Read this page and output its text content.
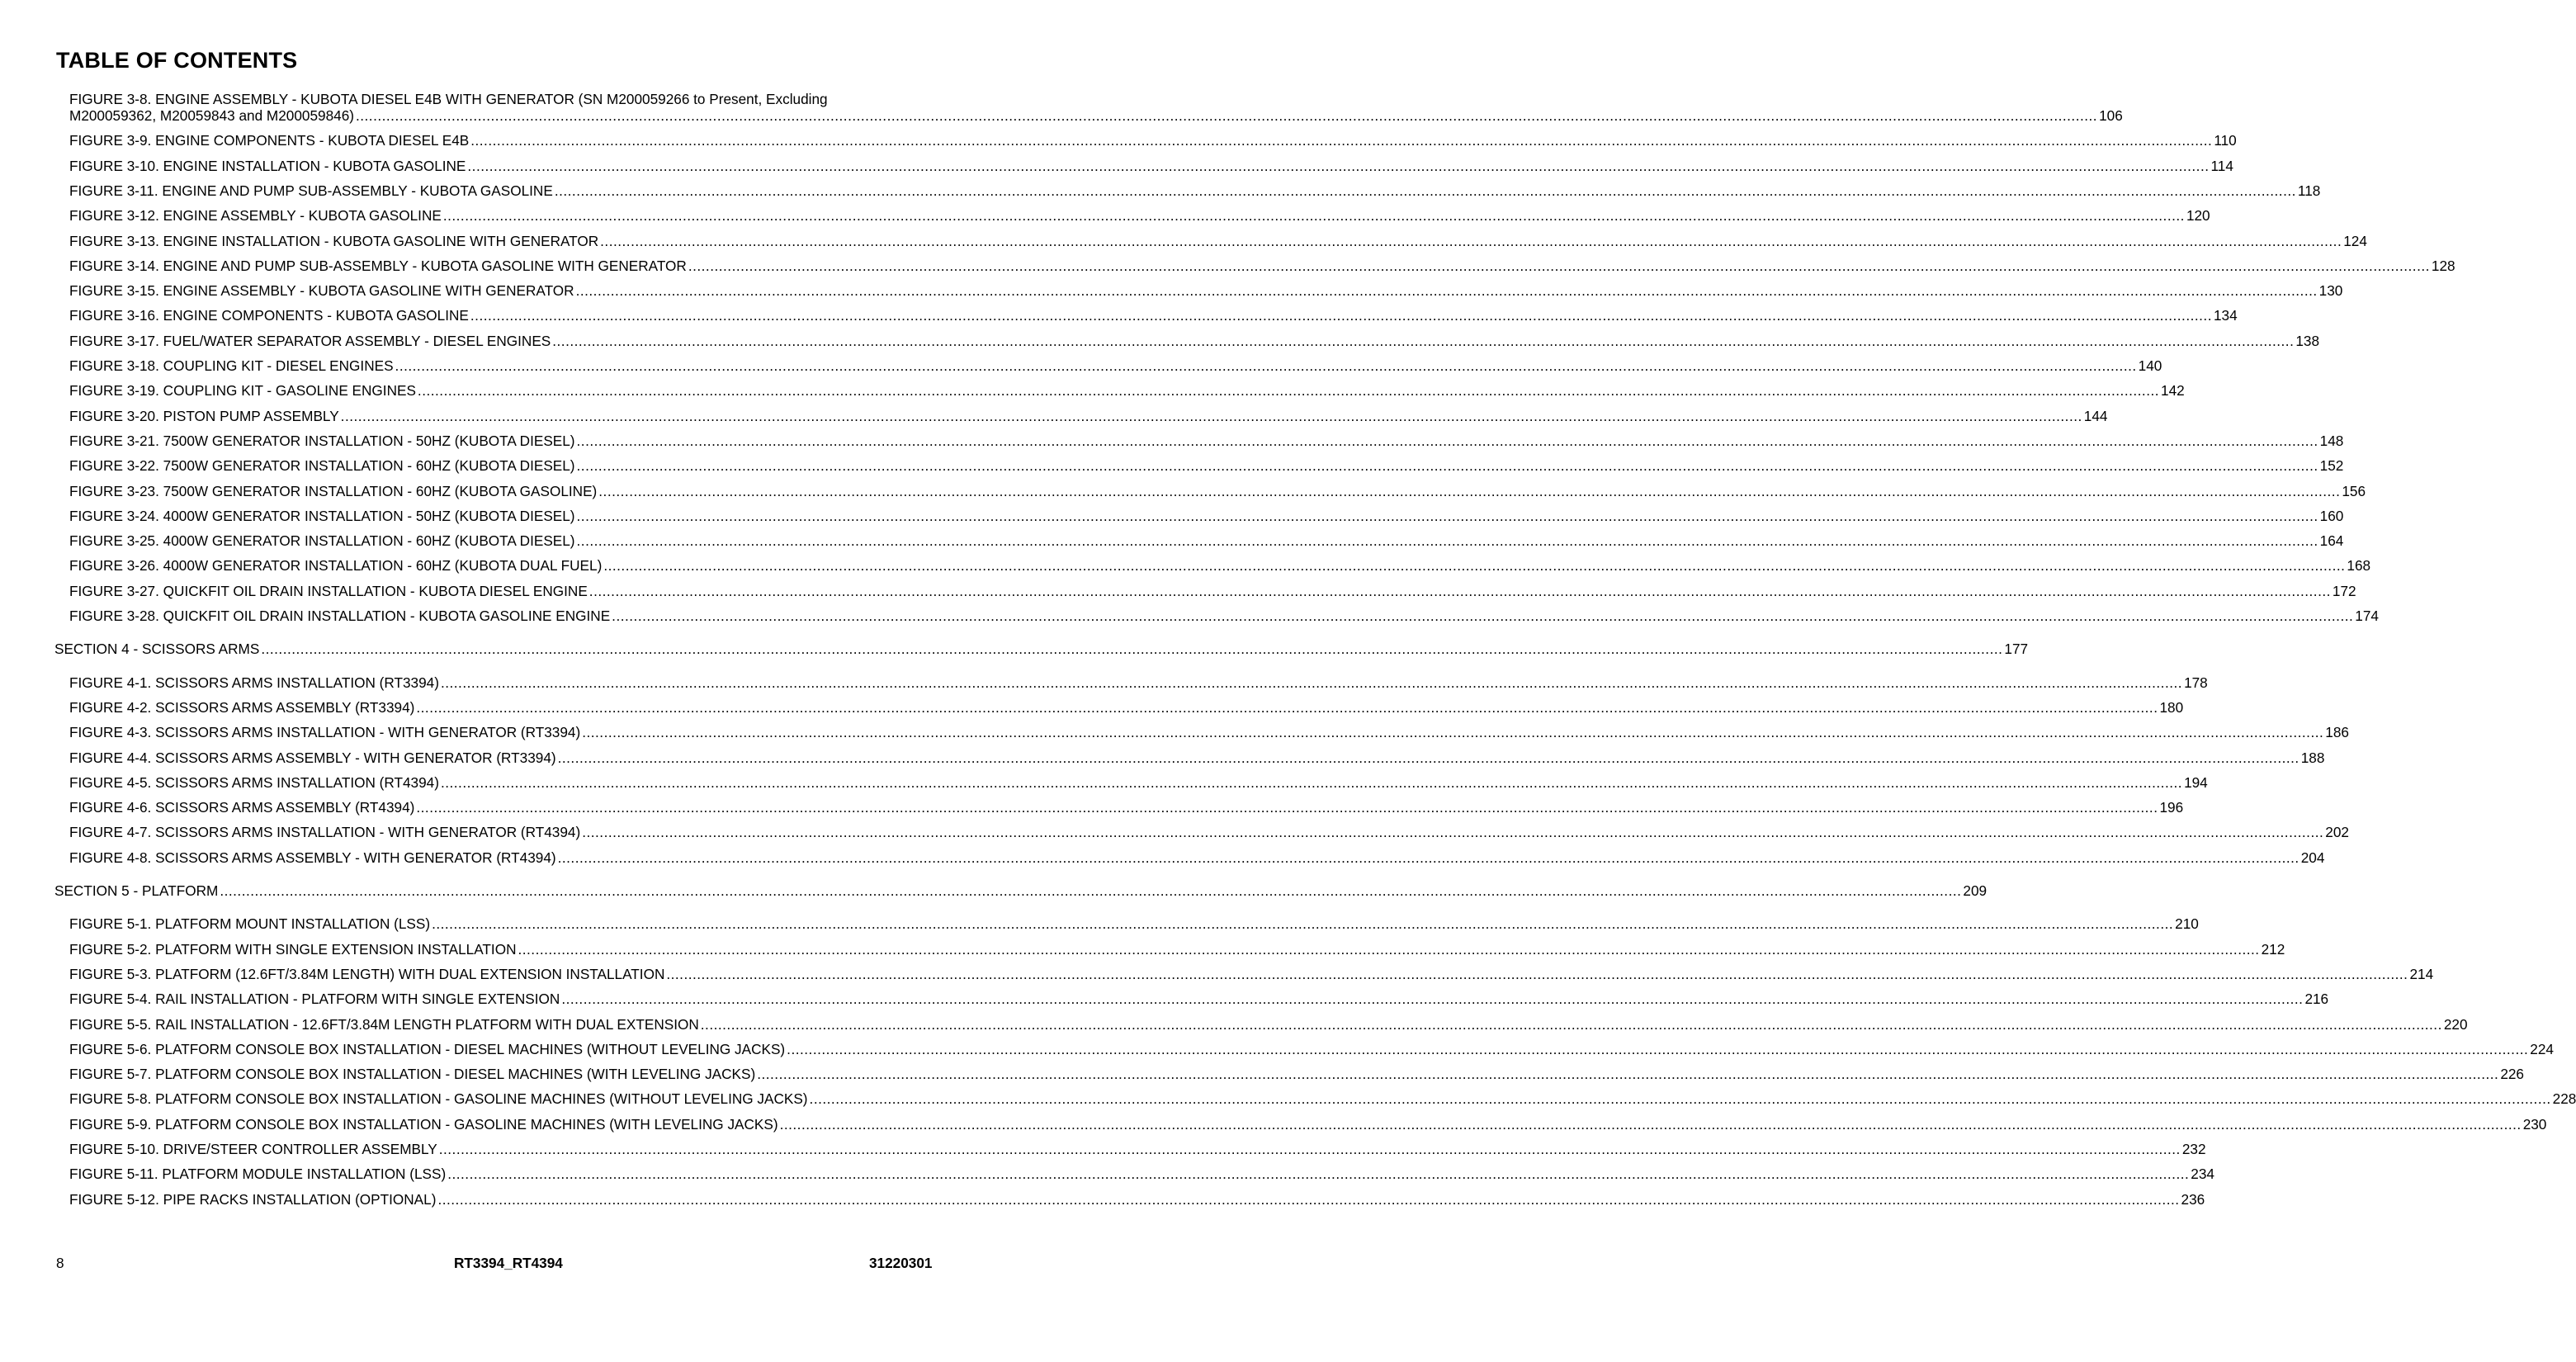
TABLE OF CONTENTS
FIGURE 3-8. ENGINE ASSEMBLY - KUBOTA DIESEL E4B WITH GENERATOR (SN M200059266 to Present, Excluding
M200059362, M20059843 and M200059846) ................................................................................................................................................................................................................................................................................................................................................................................................................ 106
FIGURE 3-9. ENGINE COMPONENTS - KUBOTA DIESEL E4B ................................................................................................................................................................................................................................................................................................................................................................................................................ 110
FIGURE 3-10. ENGINE INSTALLATION - KUBOTA GASOLINE ................................................................................................................................................................................................................................................................................................................................................................................................................ 114
FIGURE 3-11. ENGINE AND PUMP SUB-ASSEMBLY - KUBOTA GASOLINE ................................................................................................................................................................................................................................................................................................................................................................................................................ 118
FIGURE 3-12. ENGINE ASSEMBLY - KUBOTA GASOLINE ................................................................................................................................................................................................................................................................................................................................................................................................................ 120
FIGURE 3-13. ENGINE INSTALLATION - KUBOTA GASOLINE WITH GENERATOR ................................................................................................................................................................................................................................................................................................................................................................................................................ 124
FIGURE 3-14. ENGINE AND PUMP SUB-ASSEMBLY - KUBOTA GASOLINE WITH GENERATOR ................................................................................................................................................................................................................................................................................................................................................................................................................ 128
FIGURE 3-15. ENGINE ASSEMBLY - KUBOTA GASOLINE WITH GENERATOR ................................................................................................................................................................................................................................................................................................................................................................................................................ 130
FIGURE 3-16. ENGINE COMPONENTS - KUBOTA GASOLINE ................................................................................................................................................................................................................................................................................................................................................................................................................ 134
FIGURE 3-17. FUEL/WATER SEPARATOR ASSEMBLY - DIESEL ENGINES ................................................................................................................................................................................................................................................................................................................................................................................................................ 138
FIGURE 3-18. COUPLING KIT - DIESEL ENGINES ................................................................................................................................................................................................................................................................................................................................................................................................................ 140
FIGURE 3-19. COUPLING KIT - GASOLINE ENGINES ................................................................................................................................................................................................................................................................................................................................................................................................................ 142
FIGURE 3-20. PISTON PUMP ASSEMBLY ................................................................................................................................................................................................................................................................................................................................................................................................................ 144
FIGURE 3-21. 7500W GENERATOR INSTALLATION - 50HZ (KUBOTA DIESEL) ................................................................................................................................................................................................................................................................................................................................................................................................................ 148
FIGURE 3-22. 7500W GENERATOR INSTALLATION - 60HZ (KUBOTA DIESEL) ................................................................................................................................................................................................................................................................................................................................................................................................................ 152
FIGURE 3-23. 7500W GENERATOR INSTALLATION - 60HZ (KUBOTA GASOLINE) ................................................................................................................................................................................................................................................................................................................................................................................................................ 156
FIGURE 3-24. 4000W GENERATOR INSTALLATION - 50HZ (KUBOTA DIESEL) ................................................................................................................................................................................................................................................................................................................................................................................................................ 160
FIGURE 3-25. 4000W GENERATOR INSTALLATION - 60HZ (KUBOTA DIESEL) ................................................................................................................................................................................................................................................................................................................................................................................................................ 164
FIGURE 3-26. 4000W GENERATOR INSTALLATION - 60HZ (KUBOTA DUAL FUEL) ................................................................................................................................................................................................................................................................................................................................................................................................................ 168
FIGURE 3-27. QUICKFIT OIL DRAIN INSTALLATION - KUBOTA DIESEL ENGINE ................................................................................................................................................................................................................................................................................................................................................................................................................ 172
FIGURE 3-28. QUICKFIT OIL DRAIN INSTALLATION - KUBOTA GASOLINE ENGINE ................................................................................................................................................................................................................................................................................................................................................................................................................ 174
SECTION 4 - SCISSORS ARMS ................................................................................................................................................................................................................................................................................................................................................................................................................ 177
FIGURE 4-1. SCISSORS ARMS INSTALLATION (RT3394) ................................................................................................................................................................................................................................................................................................................................................................................................................ 178
FIGURE 4-2. SCISSORS ARMS ASSEMBLY (RT3394) ................................................................................................................................................................................................................................................................................................................................................................................................................ 180
FIGURE 4-3. SCISSORS ARMS INSTALLATION - WITH GENERATOR (RT3394) ................................................................................................................................................................................................................................................................................................................................................................................................................ 186
FIGURE 4-4. SCISSORS ARMS ASSEMBLY - WITH GENERATOR (RT3394) ................................................................................................................................................................................................................................................................................................................................................................................................................ 188
FIGURE 4-5. SCISSORS ARMS INSTALLATION (RT4394) ................................................................................................................................................................................................................................................................................................................................................................................................................ 194
FIGURE 4-6. SCISSORS ARMS ASSEMBLY (RT4394) ................................................................................................................................................................................................................................................................................................................................................................................................................ 196
FIGURE 4-7. SCISSORS ARMS INSTALLATION - WITH GENERATOR (RT4394) ................................................................................................................................................................................................................................................................................................................................................................................................................ 202
FIGURE 4-8. SCISSORS ARMS ASSEMBLY - WITH GENERATOR (RT4394) ................................................................................................................................................................................................................................................................................................................................................................................................................ 204
SECTION 5 - PLATFORM ................................................................................................................................................................................................................................................................................................................................................................................................................ 209
FIGURE 5-1. PLATFORM MOUNT INSTALLATION (LSS) ................................................................................................................................................................................................................................................................................................................................................................................................................ 210
FIGURE 5-2. PLATFORM WITH SINGLE EXTENSION INSTALLATION ................................................................................................................................................................................................................................................................................................................................................................................................................ 212
FIGURE 5-3. PLATFORM (12.6FT/3.84M LENGTH) WITH DUAL EXTENSION INSTALLATION ................................................................................................................................................................................................................................................................................................................................................................................................................ 214
FIGURE 5-4. RAIL INSTALLATION - PLATFORM WITH SINGLE EXTENSION ................................................................................................................................................................................................................................................................................................................................................................................................................ 216
FIGURE 5-5. RAIL INSTALLATION - 12.6FT/3.84M LENGTH PLATFORM WITH DUAL EXTENSION ................................................................................................................................................................................................................................................................................................................................................................................................................ 220
FIGURE 5-6. PLATFORM CONSOLE BOX INSTALLATION - DIESEL MACHINES (WITHOUT LEVELING JACKS) ................................................................................................................................................................................................................................................................................................................................................................................................................ 224
FIGURE 5-7. PLATFORM CONSOLE BOX INSTALLATION - DIESEL MACHINES (WITH LEVELING JACKS) ................................................................................................................................................................................................................................................................................................................................................................................................................ 226
FIGURE 5-8. PLATFORM CONSOLE BOX INSTALLATION - GASOLINE MACHINES (WITHOUT LEVELING JACKS) ................................................................................................................................................................................................................................................................................................................................................................................................................ 228
FIGURE 5-9. PLATFORM CONSOLE BOX INSTALLATION - GASOLINE MACHINES (WITH LEVELING JACKS) ................................................................................................................................................................................................................................................................................................................................................................................................................ 230
FIGURE 5-10. DRIVE/STEER CONTROLLER ASSEMBLY ................................................................................................................................................................................................................................................................................................................................................................................................................ 232
FIGURE 5-11. PLATFORM MODULE INSTALLATION (LSS) ................................................................................................................................................................................................................................................................................................................................................................................................................ 234
FIGURE 5-12. PIPE RACKS INSTALLATION (OPTIONAL) ................................................................................................................................................................................................................................................................................................................................................................................................................ 236
8	RT3394_RT4394	31220301
